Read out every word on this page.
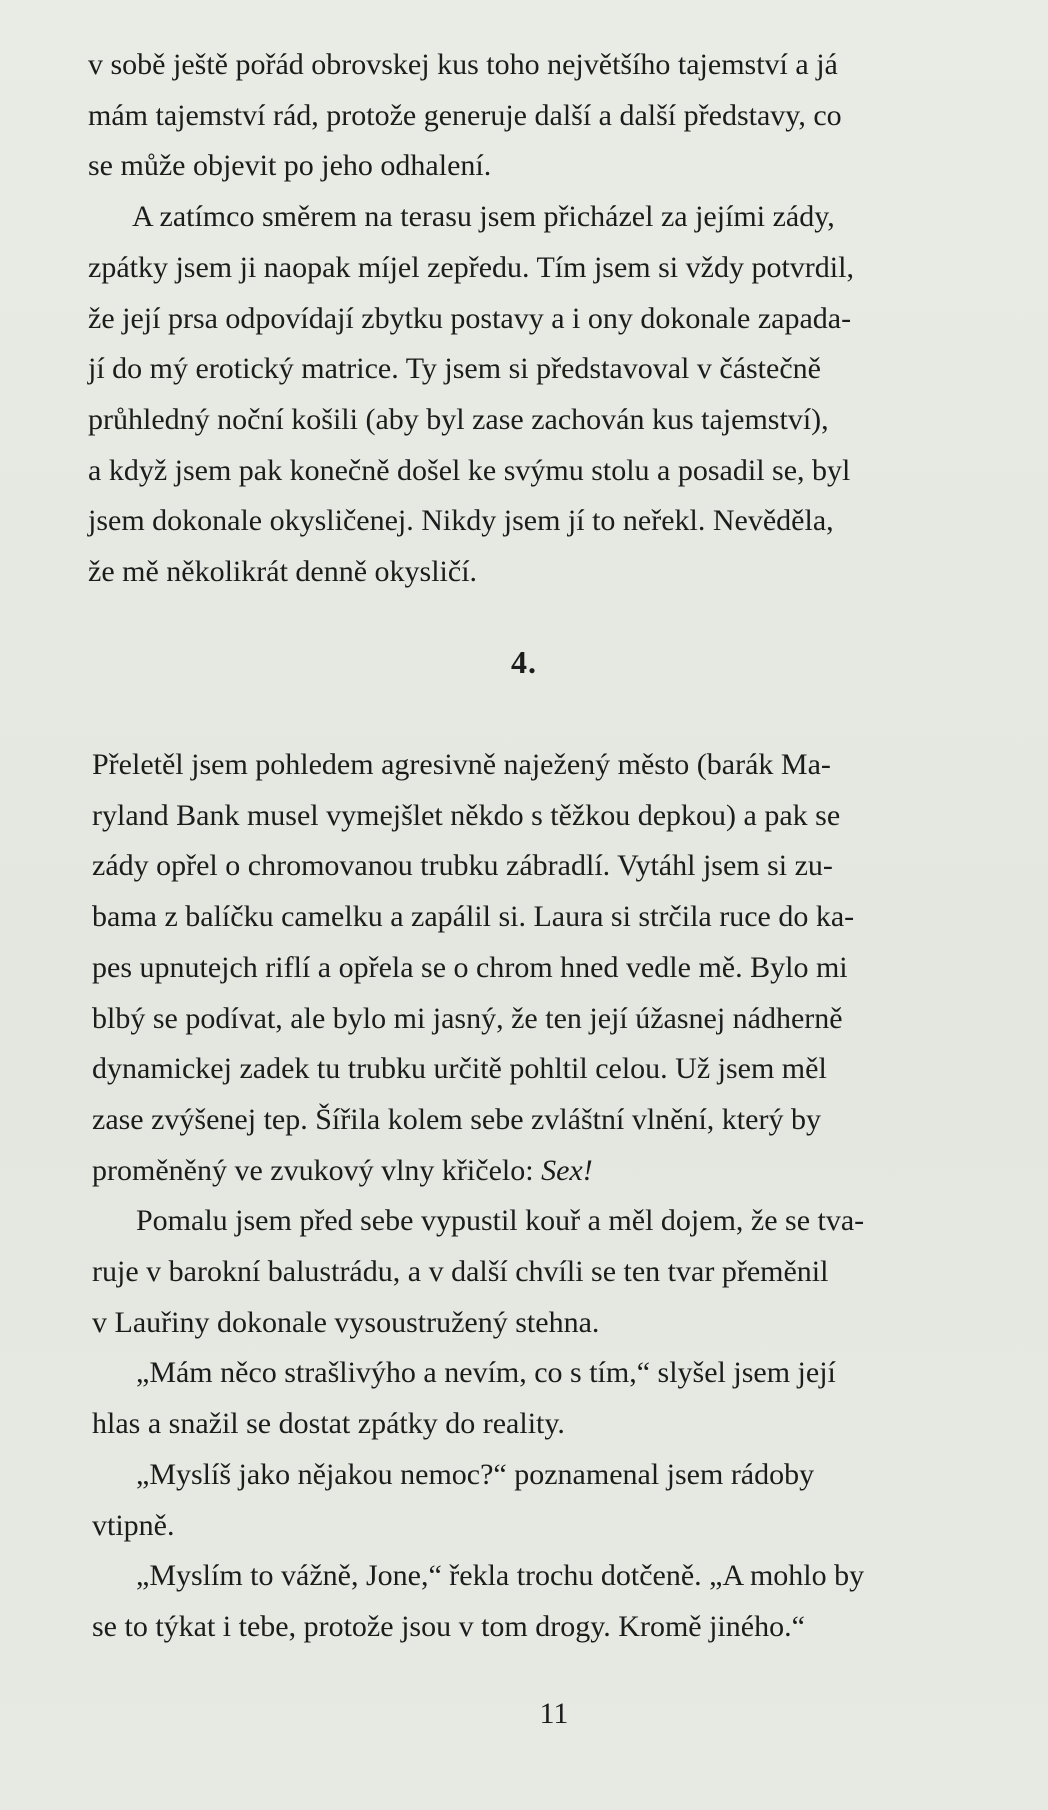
v sobě ještě pořád obrovskej kus toho největšího tajemství a já
mám tajemství rád, protože generuje další a další představy, co
se může objevit po jeho odhalení.
A zatímco směrem na terasu jsem přicházel za jejími zády,
zpátky jsem ji naopak míjel zepředu. Tím jsem si vždy potvrdil,
že její prsa odpovídají zbytku postavy a i ony dokonale zapada-
jí do mý erotický matrice. Ty jsem si představoval v částečně
průhledný noční košili (aby byl zase zachován kus tajemství),
a když jsem pak konečně došel ke svýmu stolu a posadil se, byl
jsem dokonale okysličenej. Nikdy jsem jí to neřekl. Nevěděla,
že mě několikrát denně okysličí.
4.
Přeletěl jsem pohledem agresivně naježený město (barák Ma-
ryland Bank musel vymejšlet někdo s těžkou depkou) a pak se
zády opřel o chromovanou trubku zábradlí. Vytáhl jsem si zu-
bama z balíčku camelku a zapálil si. Laura si strčila ruce do ka-
pes upnutejch riflí a opřela se o chrom hned vedle mě. Bylo mi
blbý se podívat, ale bylo mi jasný, že ten její úžasnej nádherně
dynamickej zadek tu trubku určitě pohltil celou. Už jsem měl
zase zvýšenej tep. Šířila kolem sebe zvláštní vlnění, který by
proměněný ve zvukový vlny křičelo: Sex!
Pomalu jsem před sebe vypustil kouř a měl dojem, že se tva-
ruje v barokní balustrádu, a v další chvíli se ten tvar přeměnil
v Lauřiny dokonale vysoustružený stehna.
„Mám něco strašlivýho a nevím, co s tím,“ slyšel jsem její
hlas a snažil se dostat zpátky do reality.
„Myslíš jako nějakou nemoc?“ poznamenal jsem rádoby
vtipně.
„Myslím to vážně, Jone,“ řekla trochu dotčeně. „A mohlo by
se to týkat i tebe, protože jsou v tom drogy. Kromě jiného.“
11
